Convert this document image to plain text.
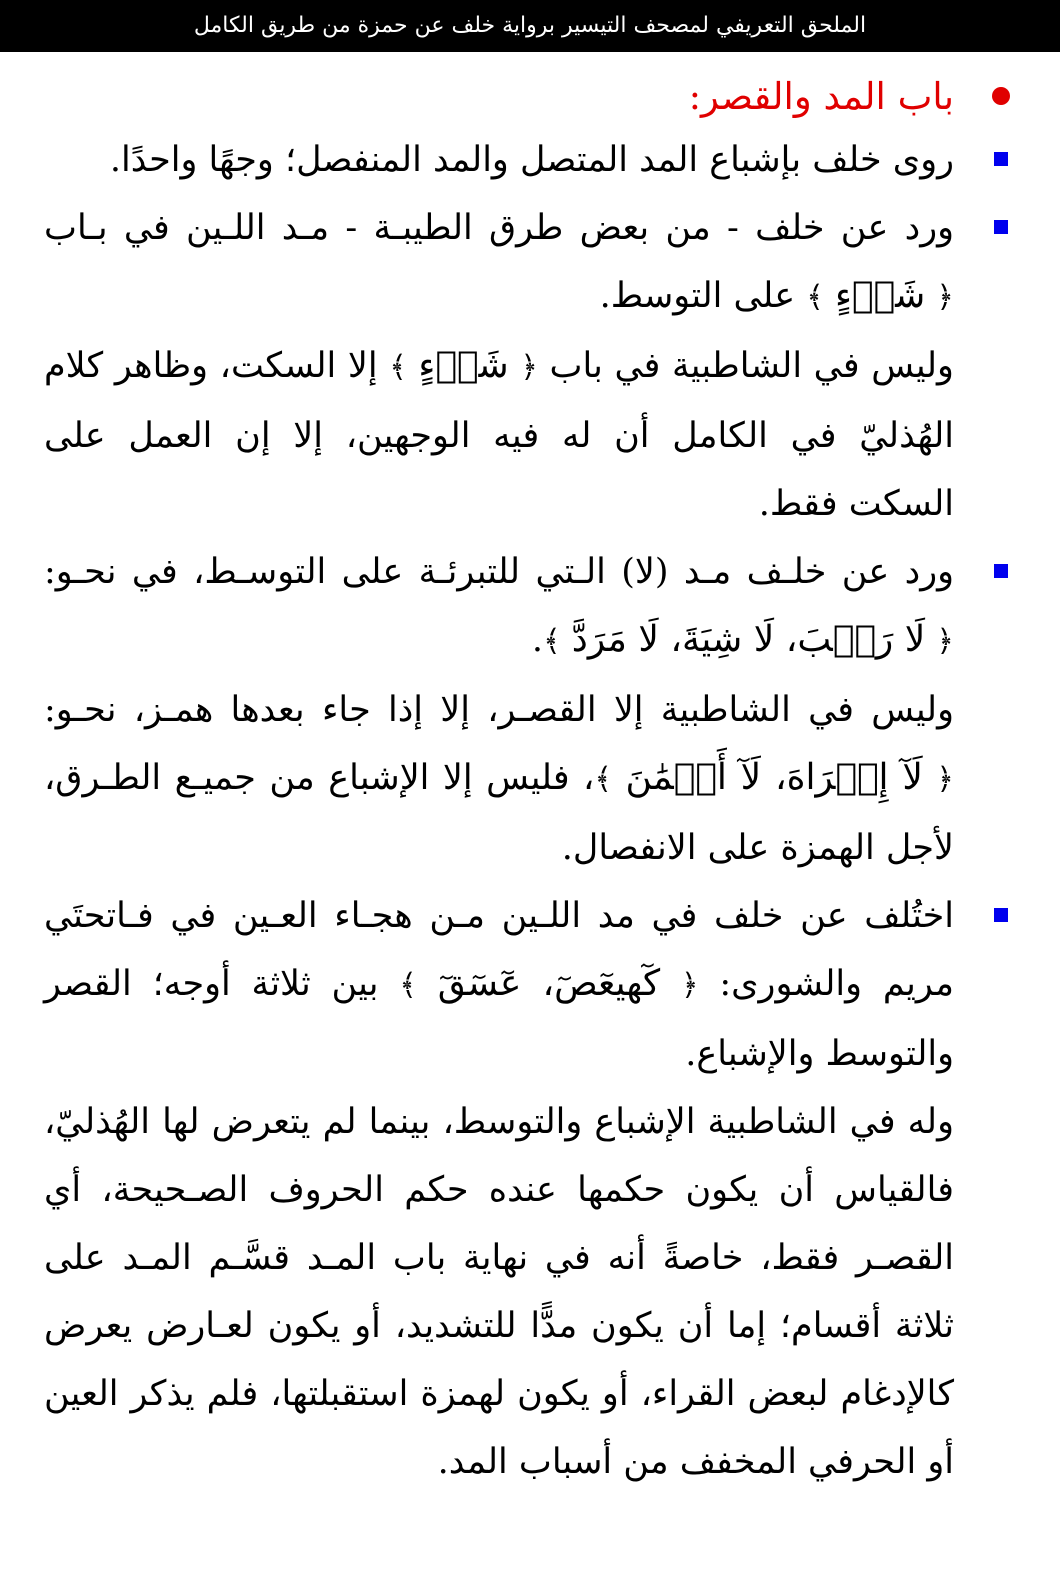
الملحق التعريفي لمصحف التيسير برواية خلف عن حمزة من طريق الكامل
باب المد والقصر:
روى خلف بإشباع المد المتصل والمد المنفصل؛ وجهًا واحدًا.
ورد عن خلف - من بعض طرق الطيبـة - مـد اللـين في بـاب ﴿ شَيۡءٍ ﴾ على التوسط.
وليس في الشاطبية في باب ﴿ شَيۡءٍ ﴾ إلا السكت، وظاهر كلام الهُذليّ في الكامل أن له فيه الوجهين، إلا إن العمل على السكت فقط.
ورد عن خلـف مـد (لا) الـتي للتبرئـة على التوسـط، في نحـو: ﴿ لَا رَيۡبَ، لَا شِيَةَ، لَا مَرَدَّ ﴾.
وليس في الشاطبية إلا القصـر، إلا إذا جاء بعدها همـز، نحـو: ﴿ لَآ إِكۡرَاهَ، لَآ أَيۡمَٰنَ ﴾، فليس إلا الإشباع من جميـع الطـرق، لأجل الهمزة على الانفصال.
اختُلف عن خلف في مد اللـين مـن هجـاء العـين في فـاتحتَي مريم والشورى: ﴿ كٓهيعٓصٓ، عٓسٓقٓ ﴾ بين ثلاثة أوجه؛ القصر والتوسط والإشباع.
وله في الشاطبية الإشباع والتوسط، بينما لم يتعرض لها الهُذليّ، فالقياس أن يكون حكمها عنده حكم الحروف الصـحيحة، أي القصـر فقط، خاصةً أنه في نهاية باب المـد قسَّـم المـد على ثلاثة أقسام؛ إما أن يكون مدًّا للتشديد، أو يكون لعـارض يعرض كالإدغام لبعض القراء، أو يكون لهمزة استقبلتها، فلم يذكر العين أو الحرفي المخفف من أسباب المد.
